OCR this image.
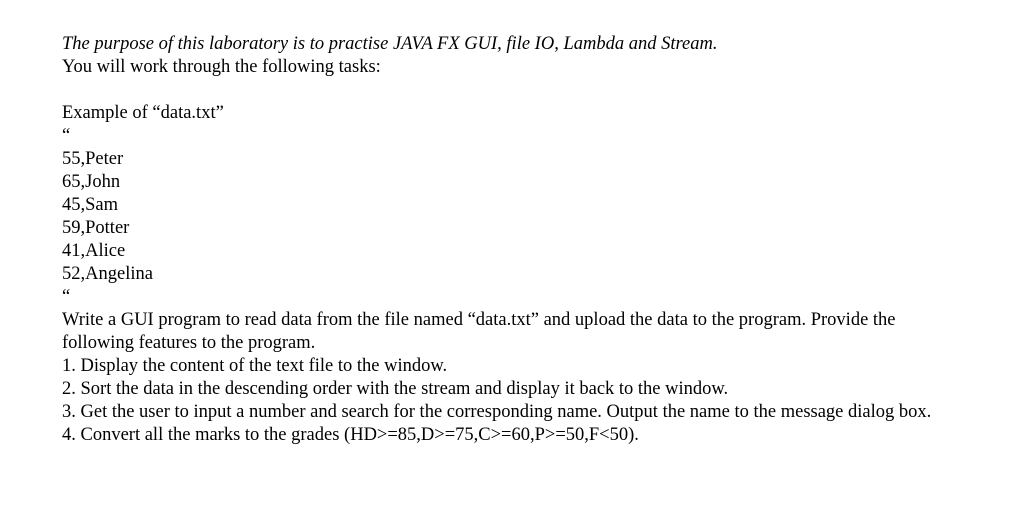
The purpose of this laboratory is to practise JAVA FX GUI, file IO, Lambda and Stream.
You will work through the following tasks:
Example of “data.txt”
“
55,Peter
65,John
45,Sam
59,Potter
41,Alice
52,Angelina
“
Write a GUI program to read data from the file named “data.txt” and upload the data to the program. Provide the following features to the program.
1. Display the content of the text file to the window.
2. Sort the data in the descending order with the stream and display it back to the window.
3. Get the user to input a number and search for the corresponding name. Output the name to the message dialog box.
4. Convert all the marks to the grades (HD>=85,D>=75,C>=60,P>=50,F<50).
